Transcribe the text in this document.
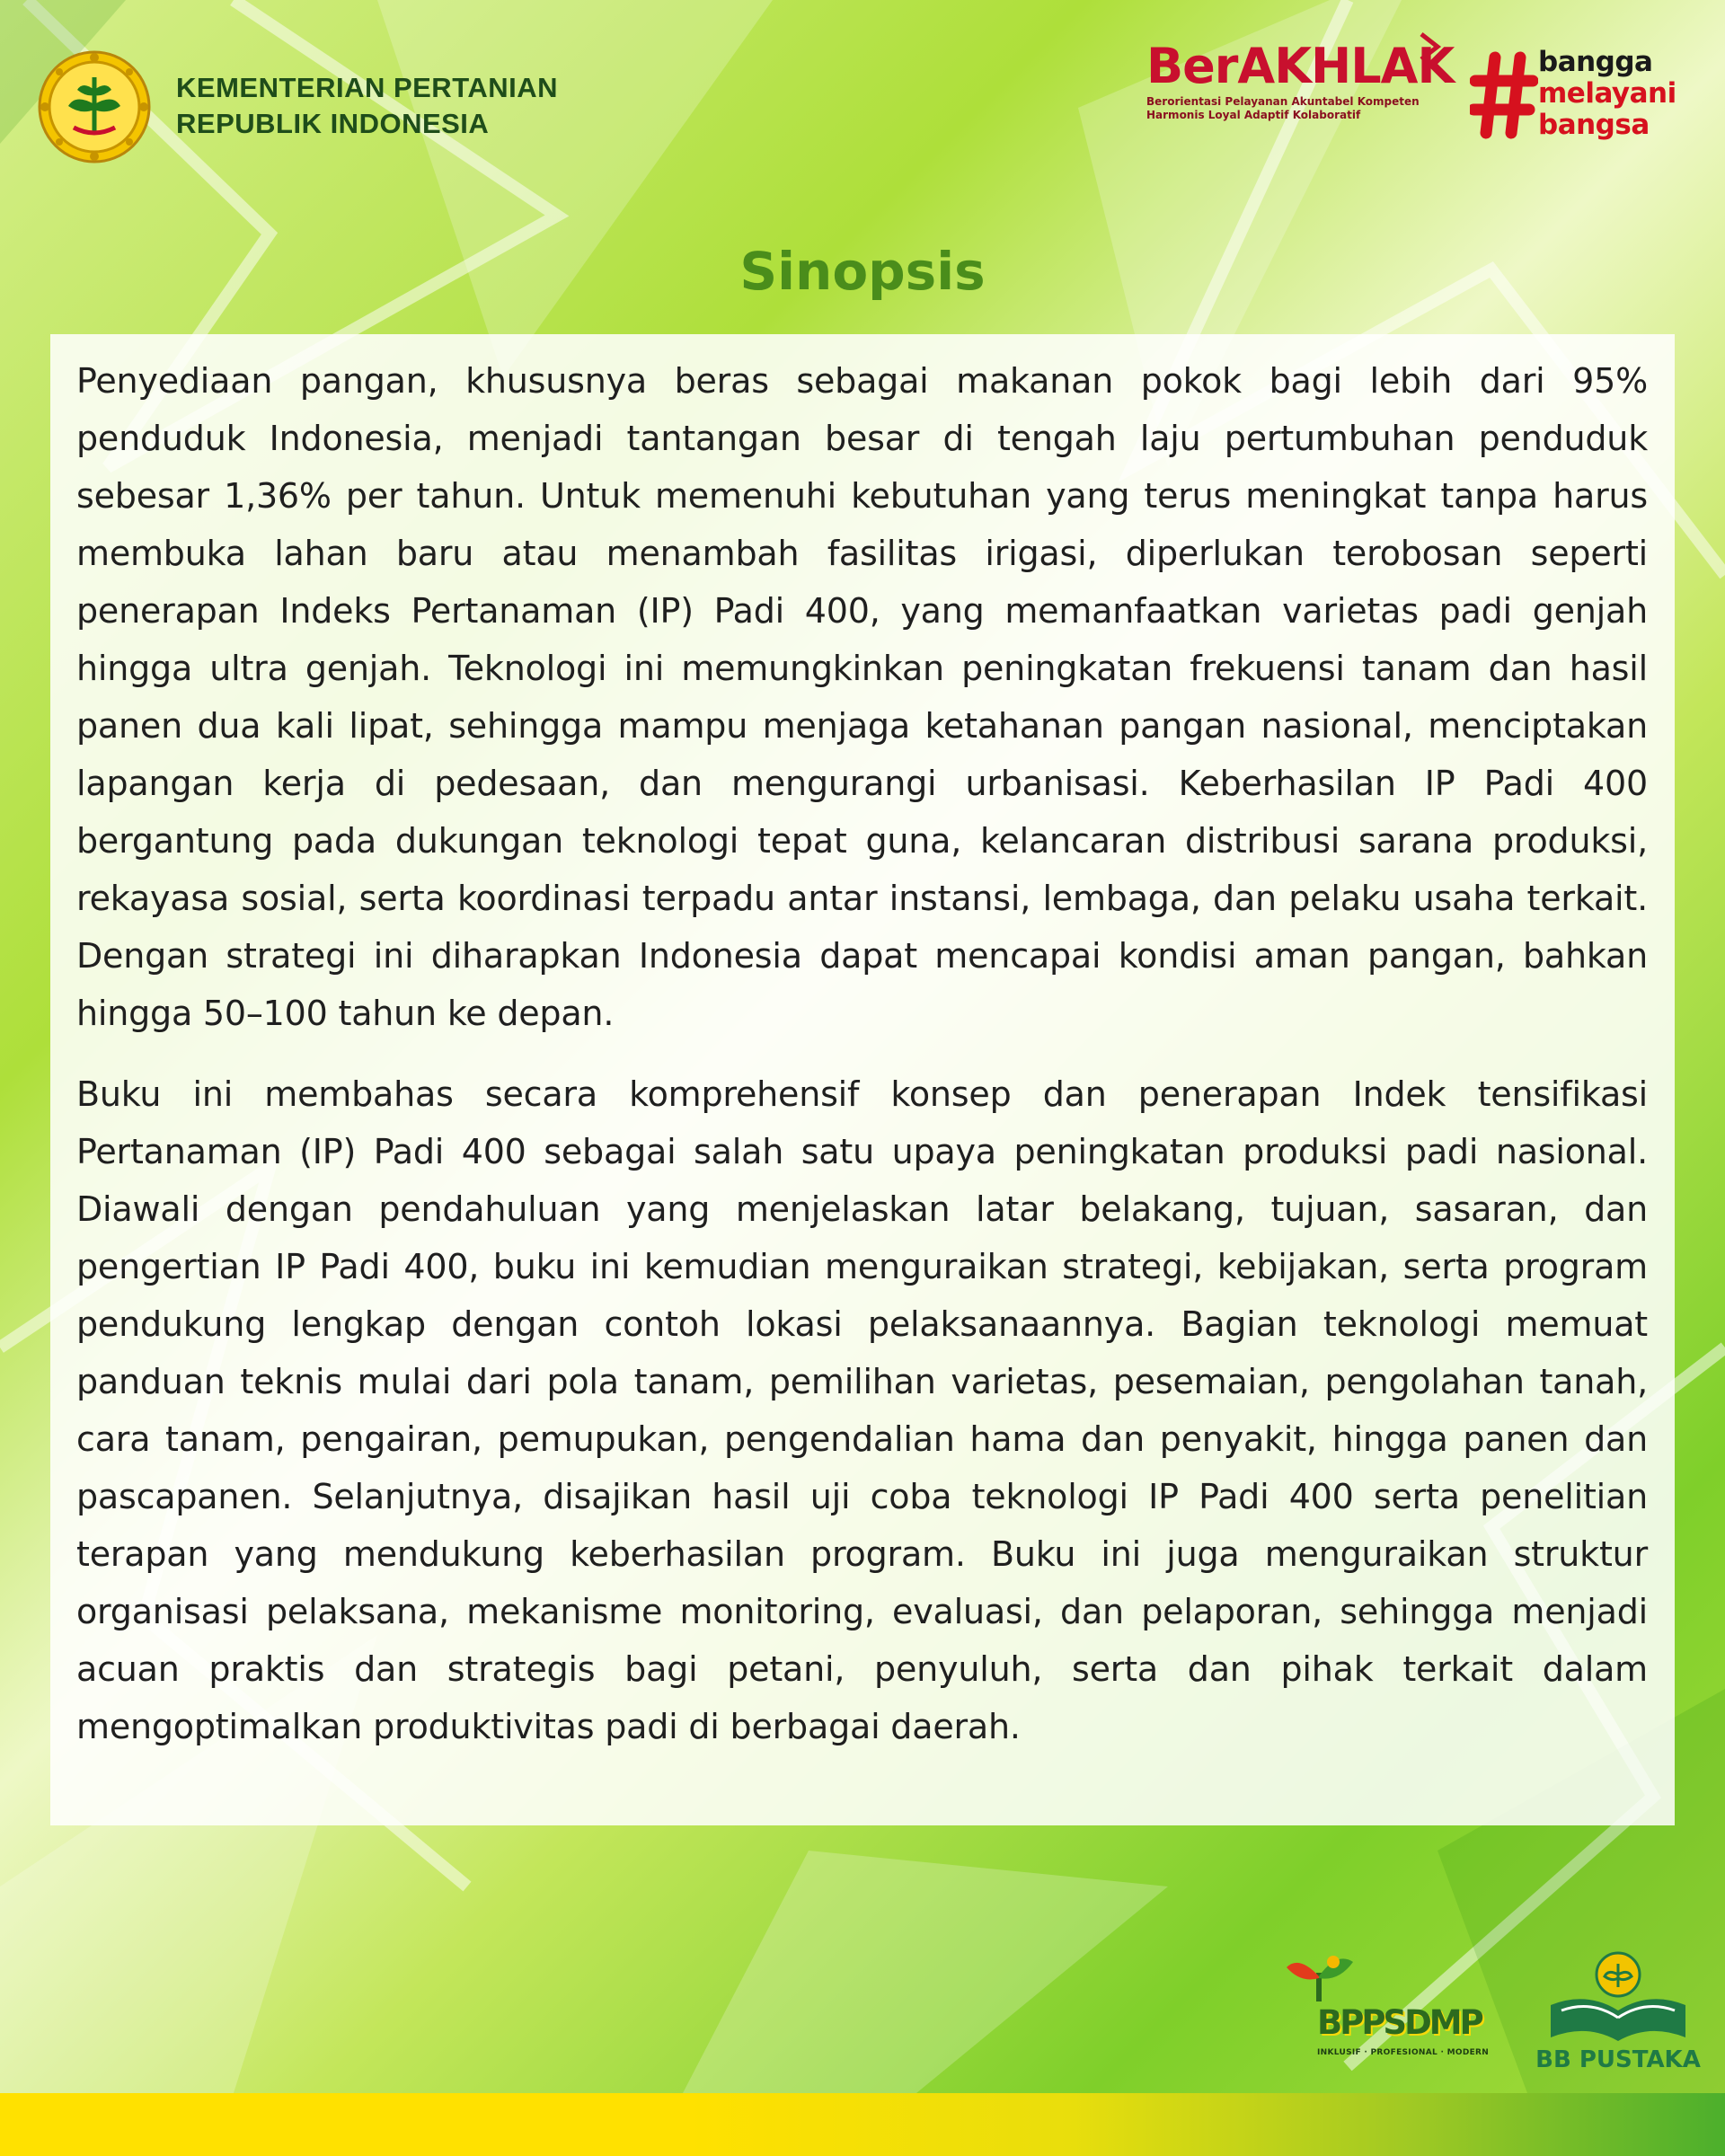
KEMENTERIAN PERTANIAN
REPUBLIK INDONESIA
BerAKHLAK
Berorientasi Pelayanan Akuntabel Kompeten
Harmonis Loyal Adaptif Kolaboratif
bangga
melayani
bangsa
Sinopsis

Penyediaan pangan, khususnya beras sebagai makanan pokok bagi lebih dari 95% penduduk Indonesia, menjadi tantangan besar di tengah laju pertumbuhan penduduk sebesar 1,36% per tahun. Untuk memenuhi kebutuhan yang terus meningkat tanpa harus membuka lahan baru atau menambah fasilitas irigasi, diperlukan terobosan seperti penerapan Indeks Pertanaman (IP) Padi 400, yang memanfaatkan varietas padi genjah hingga ultra genjah. Teknologi ini memungkinkan peningkatan frekuensi tanam dan hasil panen dua kali lipat, sehingga mampu menjaga ketahanan pangan nasional, menciptakan lapangan kerja di pedesaan, dan mengurangi urbanisasi. Keberhasilan IP Padi 400 bergantung pada dukungan teknologi tepat guna, kelancaran distribusi sarana produksi, rekayasa sosial, serta koordinasi terpadu antar instansi, lembaga, dan pelaku usaha terkait. Dengan strategi ini diharapkan Indonesia dapat mencapai kondisi aman pangan, bahkan hingga 50–100 tahun ke depan.

Buku ini membahas secara komprehensif konsep dan penerapan Indek tensifikasi Pertanaman (IP) Padi 400 sebagai salah satu upaya peningkatan produksi padi nasional. Diawali dengan pendahuluan yang menjelaskan latar belakang, tujuan, sasaran, dan pengertian IP Padi 400, buku ini kemudian menguraikan strategi, kebijakan, serta program pendukung lengkap dengan contoh lokasi pelaksanaannya. Bagian teknologi memuat panduan teknis mulai dari pola tanam, pemilihan varietas, pesemaian, pengolahan tanah, cara tanam, pengairan, pemupukan, pengendalian hama dan penyakit, hingga panen dan pascapanen. Selanjutnya, disajikan hasil uji coba teknologi IP Padi 400 serta penelitian terapan yang mendukung keberhasilan program. Buku ini juga menguraikan struktur organisasi pelaksana, mekanisme monitoring, evaluasi, dan pelaporan, sehingga menjadi acuan praktis dan strategis bagi petani, penyuluh, serta dan pihak terkait dalam mengoptimalkan produktivitas padi di berbagai daerah.

BPPSDMP
INKLUSIF · PROFESIONAL · MODERN BB PUSTAKA
